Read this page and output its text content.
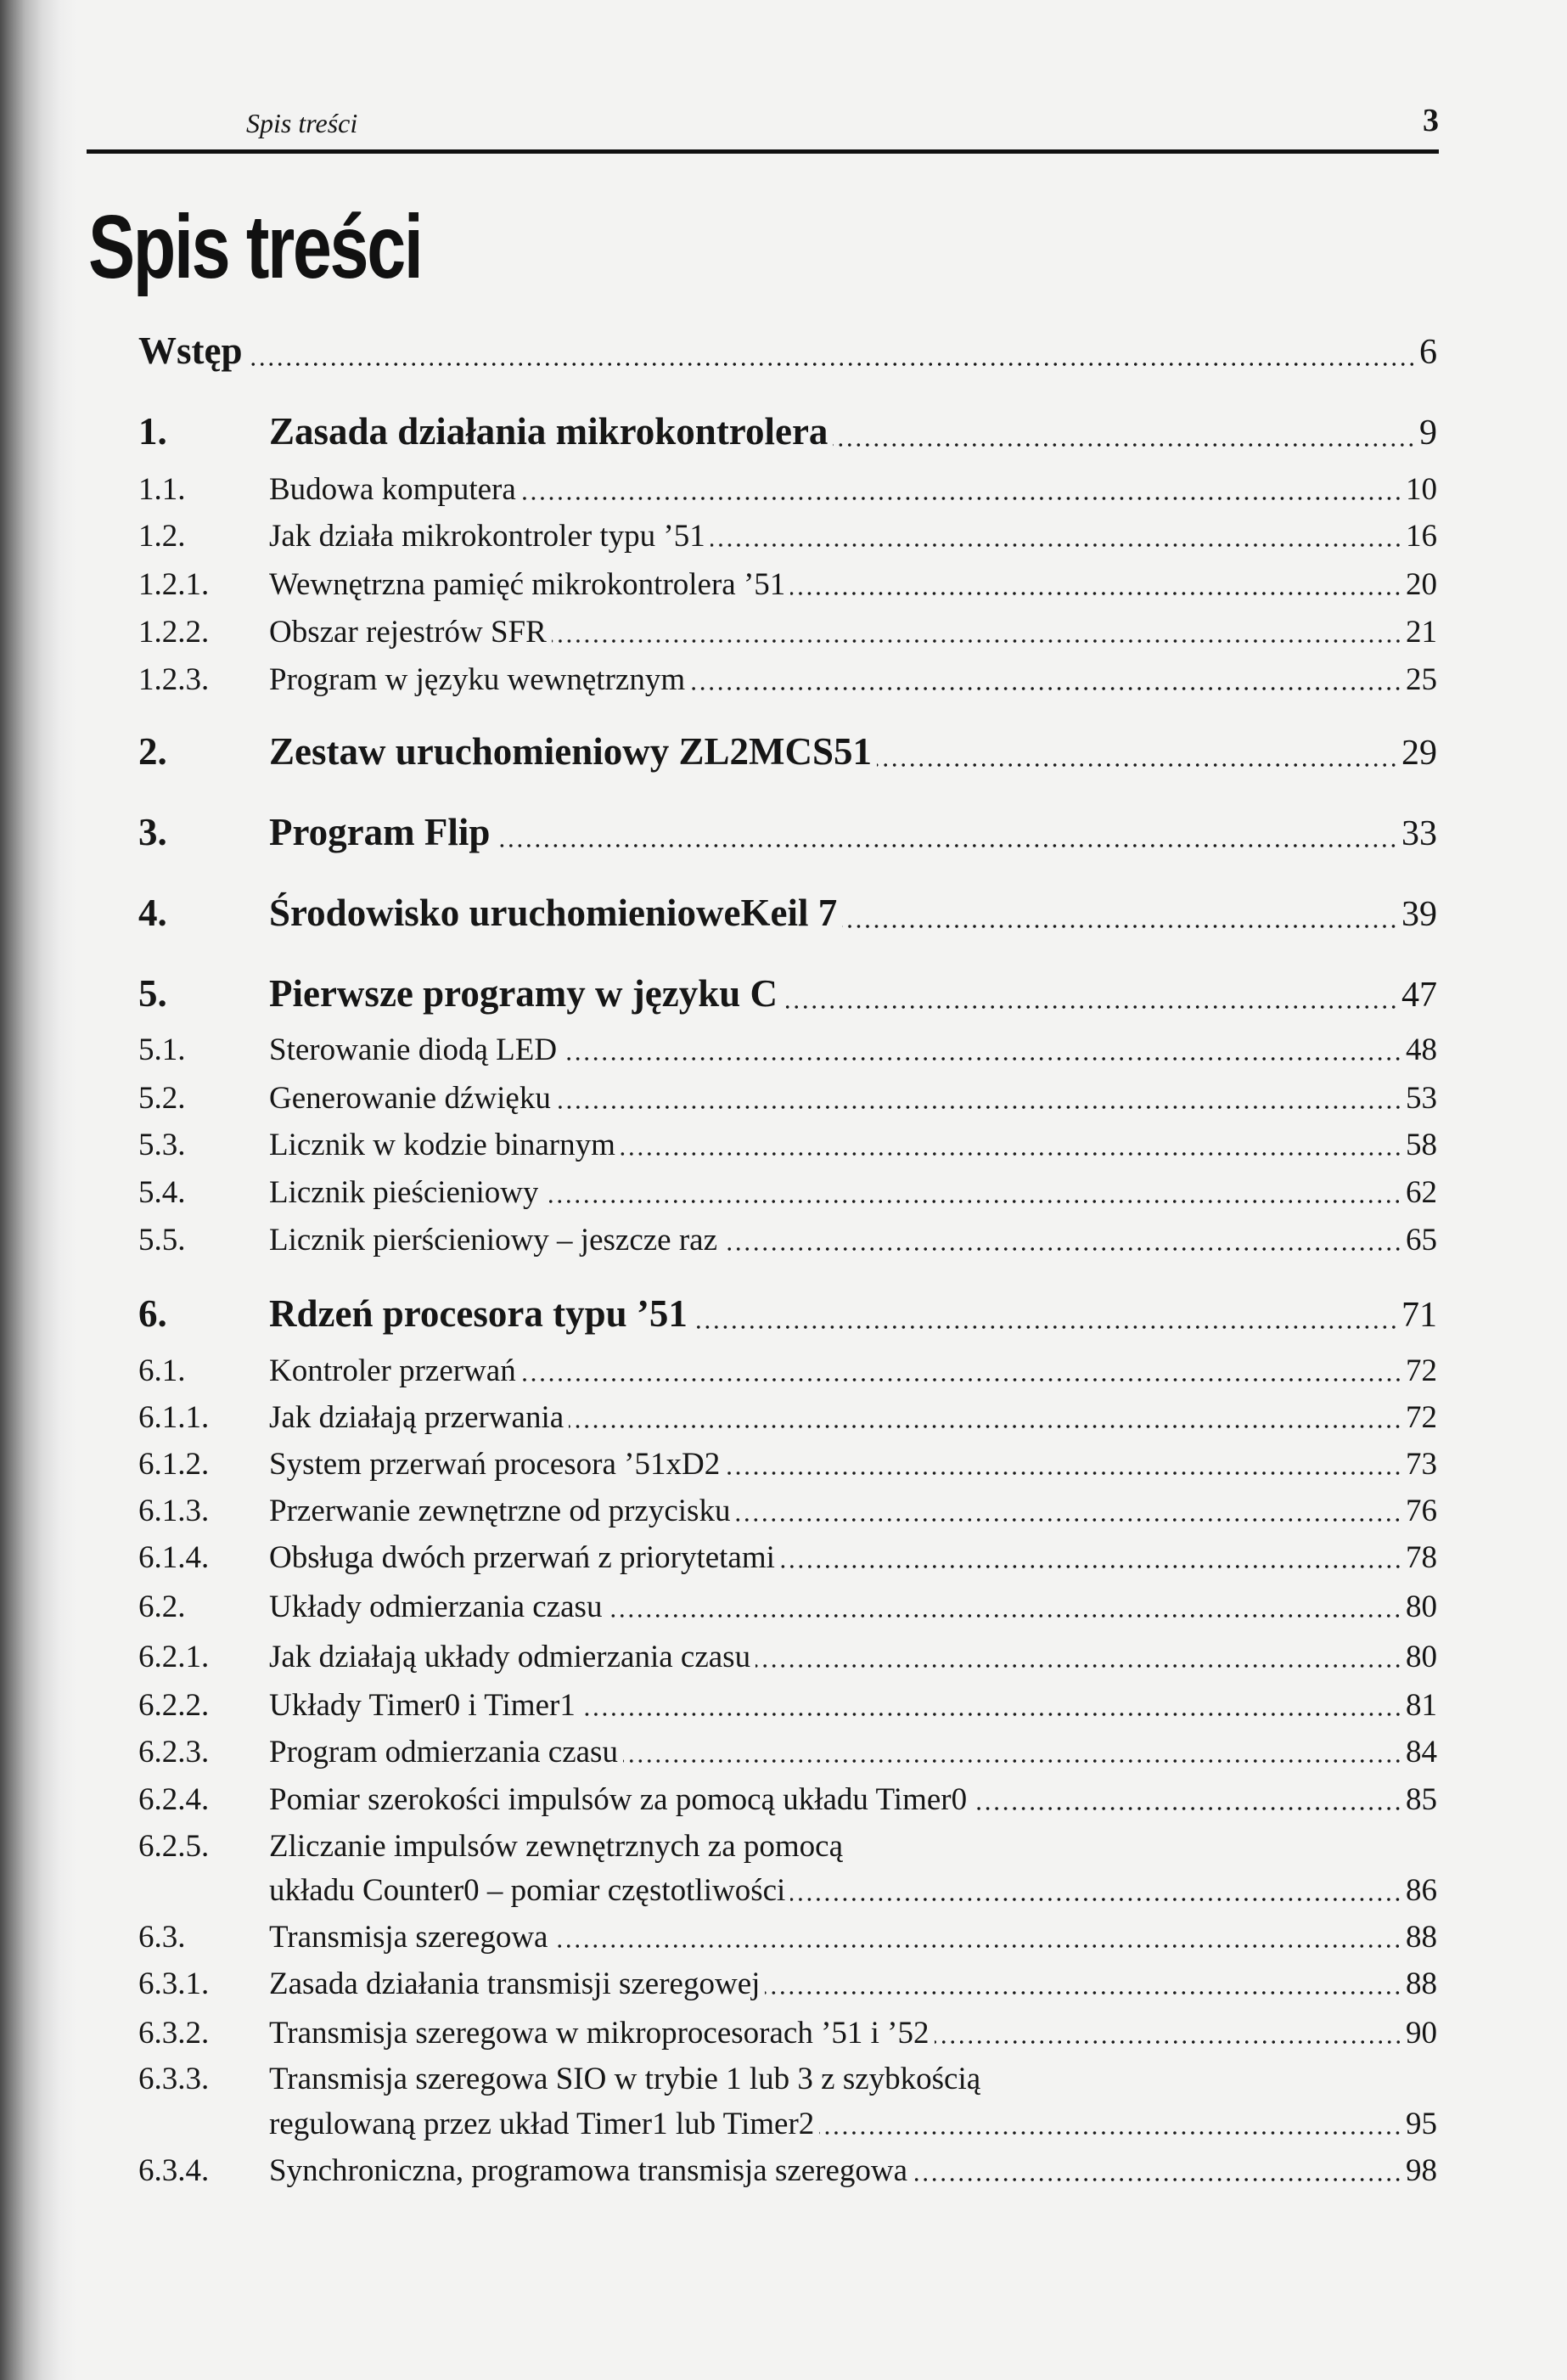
Spis treści	3
Spis treści
Wstęp	6
1.	Zasada działania mikrokontrolera	9
1.1.	Budowa komputera	10
1.2.	Jak działa mikrokontroler typu ’51	16
1.2.1.	Wewnętrzna pamięć mikrokontrolera ’51	20
1.2.2.	Obszar rejestrów SFR	21
1.2.3.	Program w języku wewnętrznym	25
2.	Zestaw uruchomieniowy ZL2MCS51	29
3.	Program Flip	33
4.	Środowisko uruchomienioweKeil 7	39
5.	Pierwsze programy w języku C	47
5.1.	Sterowanie diodą LED	48
5.2.	Generowanie dźwięku	53
5.3.	Licznik w kodzie binarnym	58
5.4.	Licznik pieścieniowy	62
5.5.	Licznik pierścieniowy – jeszcze raz	65
6.	Rdzeń procesora typu ’51	71
6.1.	Kontroler przerwań	72
6.1.1.	Jak działają przerwania	72
6.1.2.	System przerwań procesora ’51xD2	73
6.1.3.	Przerwanie zewnętrzne od przycisku	76
6.1.4.	Obsługa dwóch przerwań z priorytetami	78
6.2.	Układy odmierzania czasu	80
6.2.1.	Jak działają układy odmierzania czasu	80
6.2.2.	Układy Timer0 i Timer1	81
6.2.3.	Program odmierzania czasu	84
6.2.4.	Pomiar szerokości impulsów za pomocą układu Timer0	85
6.2.5.	Zliczanie impulsów zewnętrznych za pomocą
układu Counter0 – pomiar częstotliwości	86
6.3.	Transmisja szeregowa	88
6.3.1.	Zasada działania transmisji szeregowej	88
6.3.2.	Transmisja szeregowa w mikroprocesorach ’51 i ’52	90
6.3.3.	Transmisja szeregowa SIO w trybie 1 lub 3 z szybkością
regulowaną przez układ Timer1 lub Timer2	95
6.3.4.	Synchroniczna, programowa transmisja szeregowa	98
